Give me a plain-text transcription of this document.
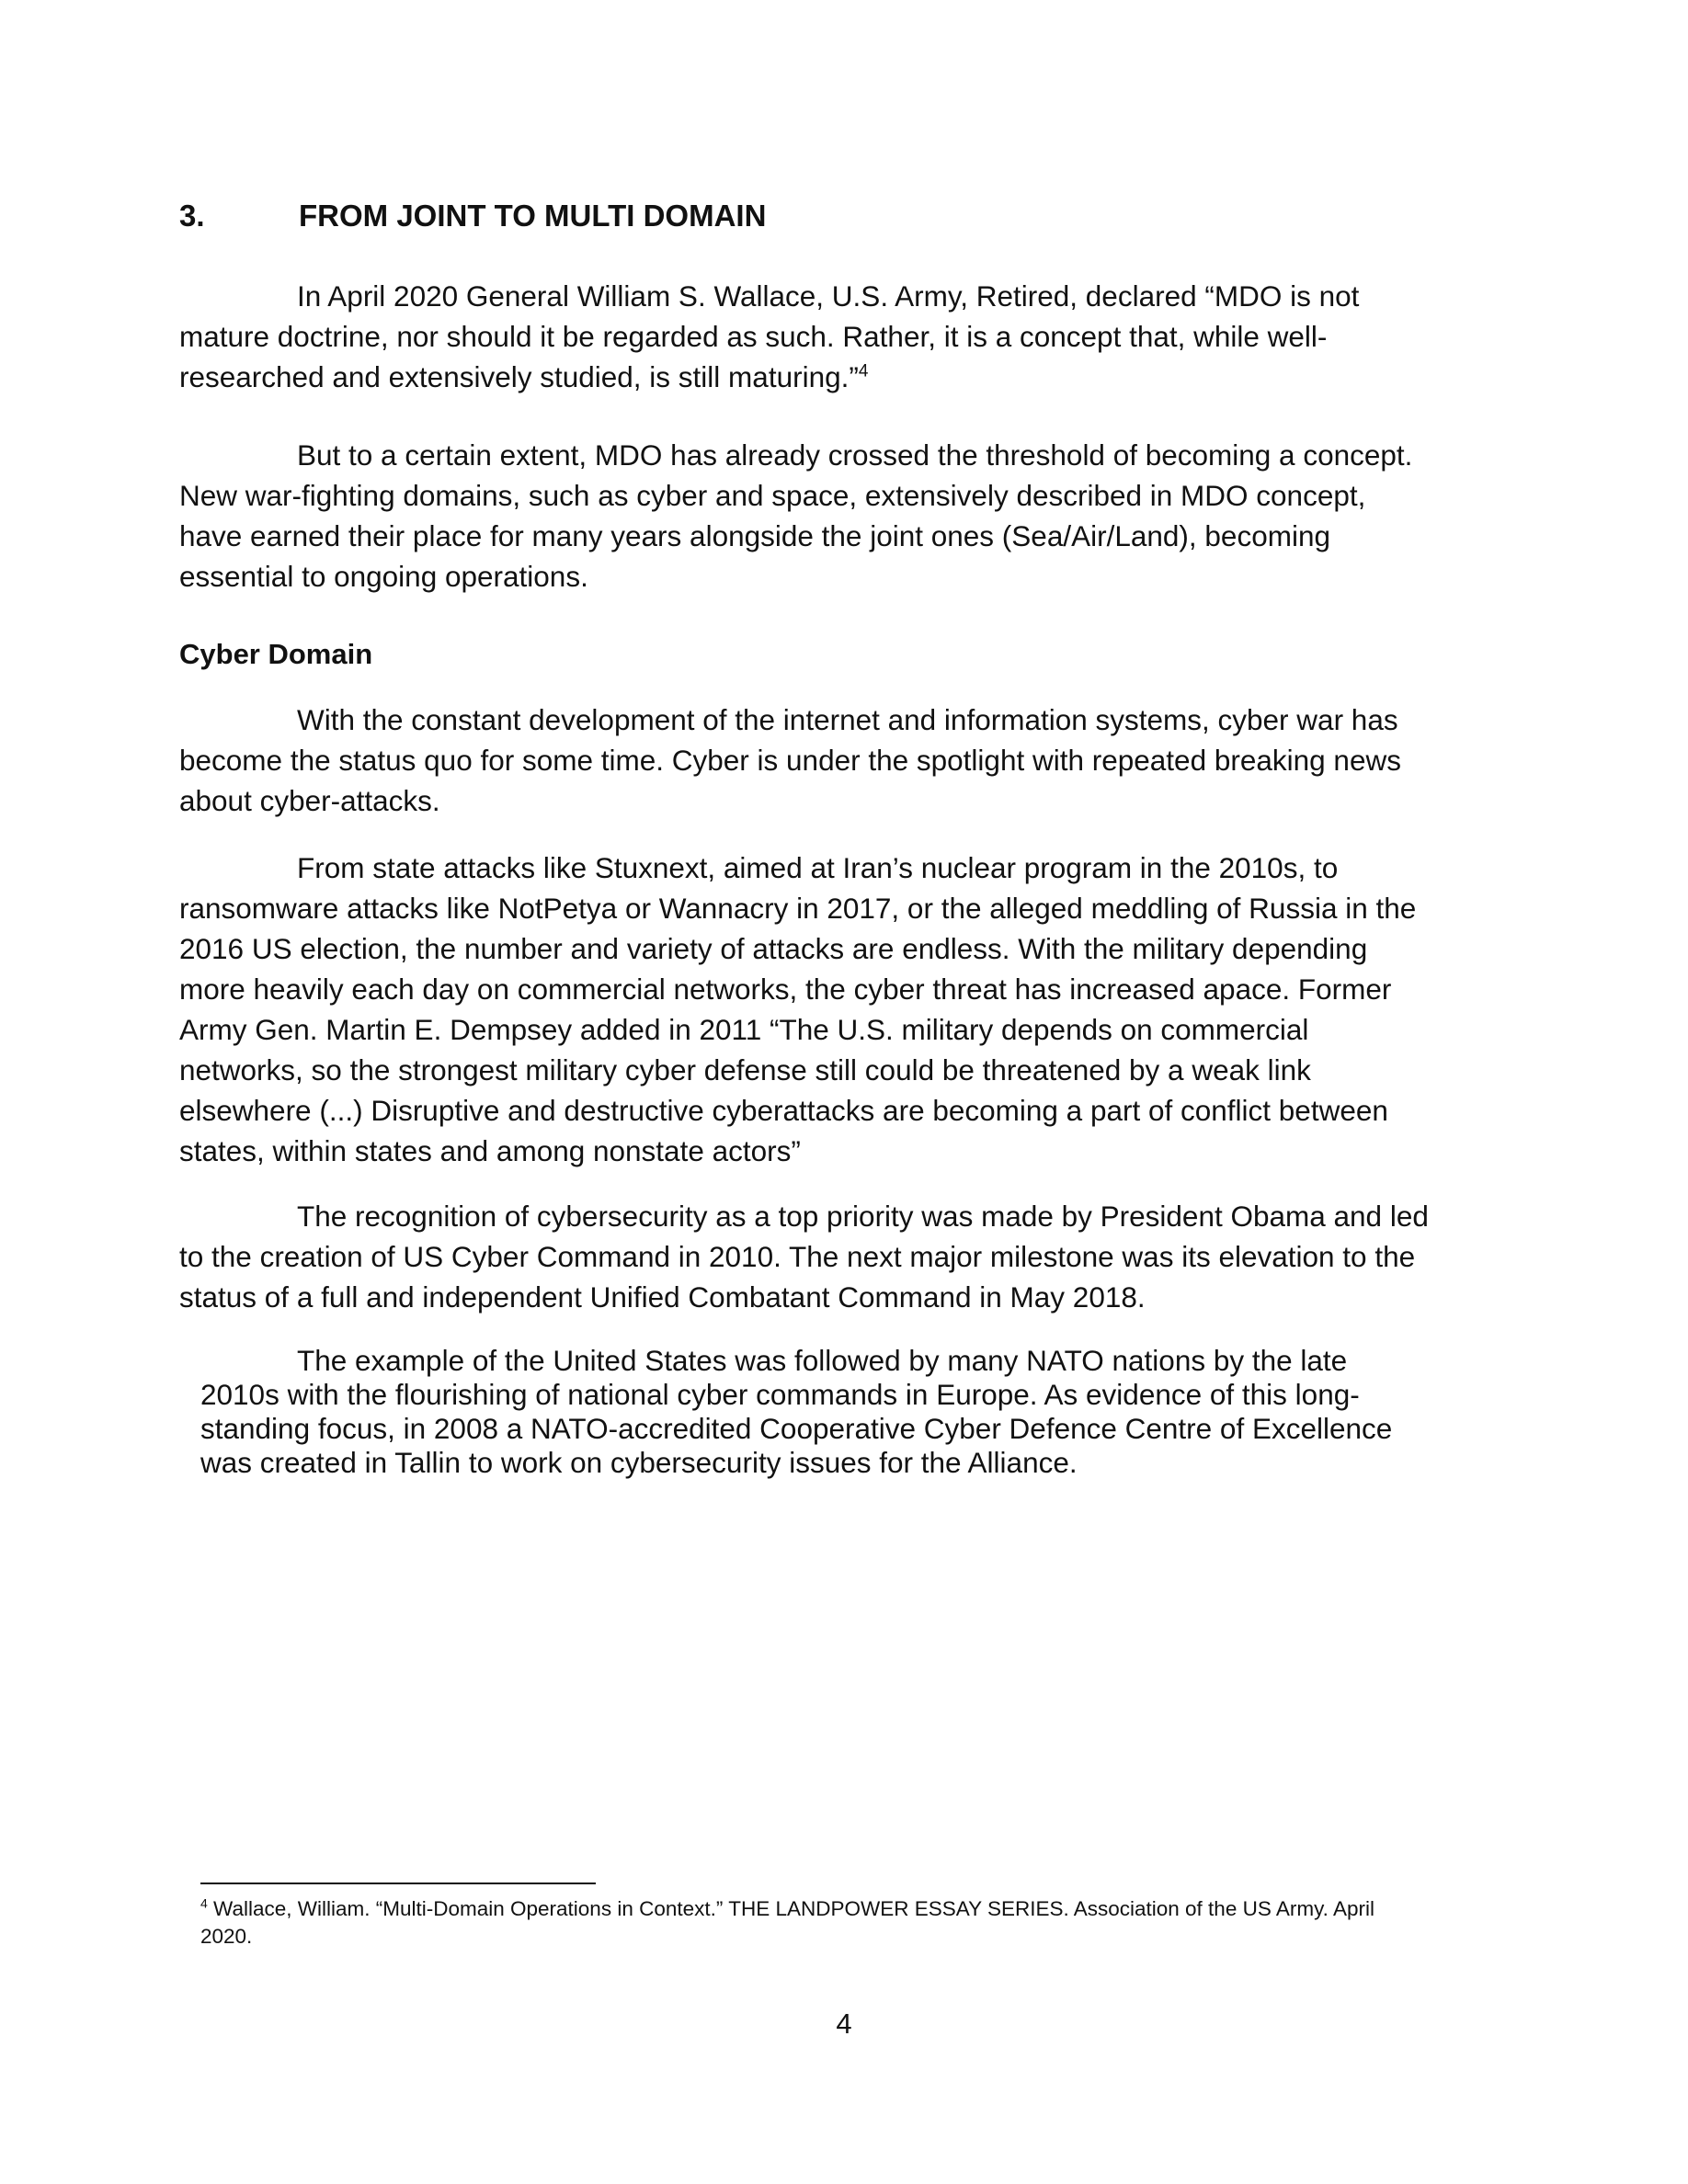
3.	FROM JOINT TO MULTI DOMAIN

In April 2020 General William S. Wallace, U.S. Army, Retired, declared “MDO is not
mature doctrine, nor should it be regarded as such. Rather, it is a concept that, while well-
researched and extensively studied, is still maturing.”$^4$

But to a certain extent, MDO has already crossed the threshold of becoming a concept.
New war-fighting domains, such as cyber and space, extensively described in MDO concept,
have earned their place for many years alongside the joint ones (Sea/Air/Land), becoming
essential to ongoing operations.

Cyber Domain

With the constant development of the internet and information systems, cyber war has
become the status quo for some time. Cyber is under the spotlight with repeated breaking news
about cyber-attacks.

From state attacks like Stuxnext, aimed at Iran’s nuclear program in the 2010s, to
ransomware attacks like NotPetya or Wannacry in 2017, or the alleged meddling of Russia in the
2016 US election, the number and variety of attacks are endless. With the military depending
more heavily each day on commercial networks, the cyber threat has increased apace. Former
Army Gen. Martin E. Dempsey added in 2011 “The U.S. military depends on commercial
networks, so the strongest military cyber defense still could be threatened by a weak link
elsewhere (...) Disruptive and destructive cyberattacks are becoming a part of conflict between
states, within states and among nonstate actors”

The recognition of cybersecurity as a top priority was made by President Obama and led
to the creation of US Cyber Command in 2010. The next major milestone was its elevation to the
status of a full and independent Unified Combatant Command in May 2018.

The example of the United States was followed by many NATO nations by the late
2010s with the flourishing of national cyber commands in Europe. As evidence of this long-
standing focus, in 2008 a NATO-accredited Cooperative Cyber Defence Centre of Excellence
was created in Tallin to work on cybersecurity issues for the Alliance.

$^4$ Wallace, William. “Multi-Domain Operations in Context.” THE LANDPOWER ESSAY SERIES. Association of the US Army. April
2020.

4
